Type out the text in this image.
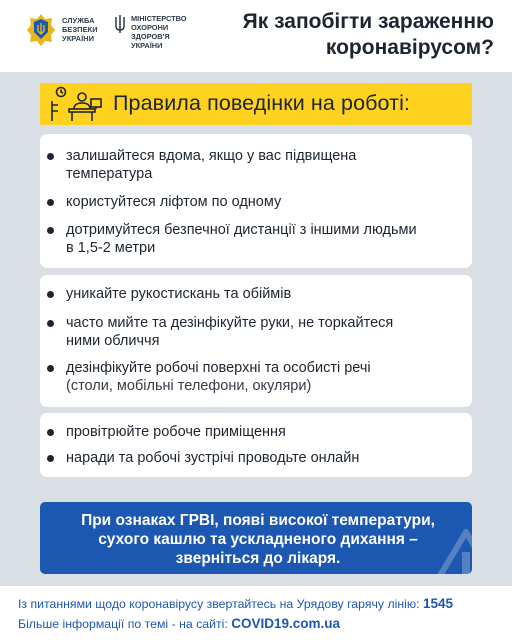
СЛУЖБА
БЕЗПЕКИ
УКРАЇНИ
МІНІСТЕРСТВО
ОХОРОНИ
ЗДОРОВ'Я
УКРАЇНИ
Як запобігти зараженню
коронавірусом?
Правила поведінки на роботі:
залишайтеся вдома, якщо у вас підвищена
температура
користуйтеся ліфтом по одному
дотримуйтеся безпечної дистанції з іншими людьми
в 1,5-2 метри
уникайте рукостискань та обіймів
часто мийте та дезінфікуйте руки, не торкайтеся
ними обличчя
дезінфікуйте робочі поверхні та особисті речі
(столи, мобільні телефони, окуляри)
провітрюйте робоче приміщення
наради та робочі зустрічі проводьте онлайн
При ознаках ГРВІ, появі високої температури,
сухого кашлю та ускладненого дихання –
зверніться до лікаря.
Із питаннями щодо коронавірусу звертайтесь на Урядову гарячу лінію: 1545
Більше інформації по темі - на сайті: COVID19.com.ua
